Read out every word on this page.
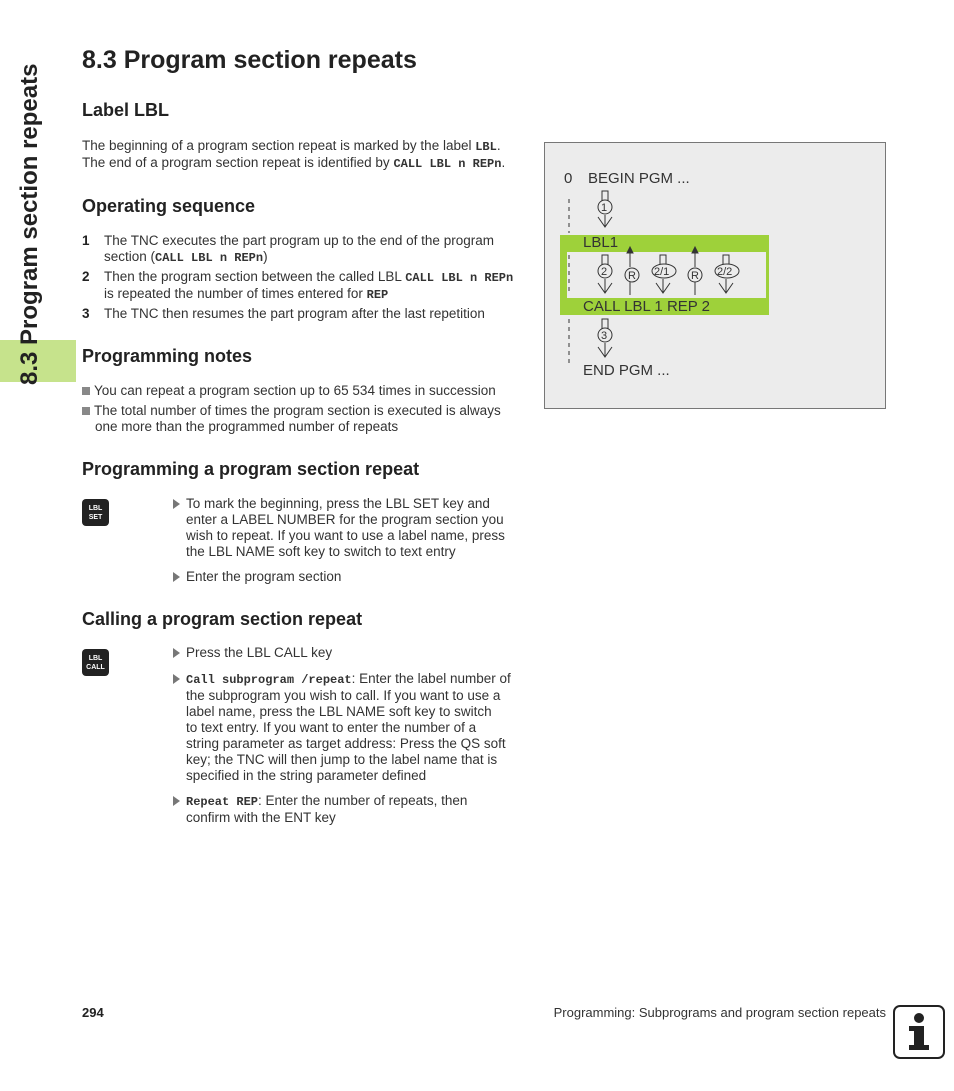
8.3 Program section repeats
8.3 Program section repeats
Label LBL
The beginning of a program section repeat is marked by the label LBL.
The end of a program section repeat is identified by CALL LBL n REPn.
Operating sequence
1 The TNC executes the part program up to the end of the program
section (CALL LBL n REPn)
2 Then the program section between the called LBL CALL LBL n REPn
is repeated the number of times entered for REP
3 The TNC then resumes the part program after the last repetition
Programming notes
You can repeat a program section up to 65 534 times in succession
The total number of times the program section is executed is always
one more than the programmed number of repeats
Programming a program section repeat
LBL
SET
To mark the beginning, press the LBL SET key and
enter a LABEL NUMBER for the program section you
wish to repeat. If you want to use a label name, press
the LBL NAME soft key to switch to text entry
Enter the program section
Calling a program section repeat
LBL
CALL
Press the LBL CALL key
Call subprogram /repeat: Enter the label number of
the subprogram you wish to call. If you want to use a
label name, press the LBL NAME soft key to switch
to text entry. If you want to enter the number of a
string parameter as target address: Press the QS soft
key; the TNC will then jump to the label name that is
specified in the string parameter defined
Repeat REP: Enter the number of repeats, then
confirm with the ENT key
0 BEGIN PGM ...
LBL1
CALL LBL 1 REP 2
END PGM ...
1
2 R 2/1 R 2/2
3
294	Programming: Subprograms and program section repeats
